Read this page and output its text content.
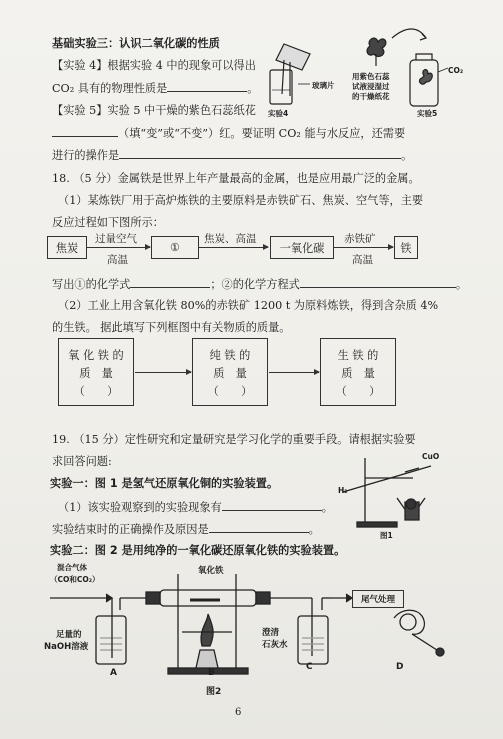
基础实验三：认识二氧化碳的性质
【实验 4】根据实验 4 中的现象可以得出
CO₂ 具有的物理性质是	。
【实验 5】实验 5 中干燥的紫色石蕊纸花
（填“变”或“不变”）红。要证明 CO₂ 能与水反应，还需要
进行的操作是	。
玻璃片
实验4
CO₂
用紫色石蕊
试液浸湿过
的干燥纸花
实验5
18. （5 分）金属铁是世界上年产量最高的金属，也是应用最广泛的金属。
（1）某炼铁厂用于高炉炼铁的主要原料是赤铁矿石、焦炭、空气等，主要
反应过程如下图所示：
焦炭
过量空气
高温
①
焦炭、高温
一氧化碳
赤铁矿
高温
铁
写出①的化学式	；②的化学方程式	。
（2）工业上用含氧化铁 80%的赤铁矿 1200 t 为原料炼铁，得到含杂质 4%
的生铁。 据此填写下列框图中有关物质的质量。
氧 化 铁 的
质　量
（　　）
纯 铁 的
质　量
（　　）
生 铁 的
质　量
（　　）
19. （15 分）定性研究和定量研究是学习化学的重要手段。请根据实验要
求回答问题:
实验一：图 1 是氢气还原氧化铜的实验装置。
（1）该实验观察到的实验现象有	。
实验结束时的正确操作及原因是	。
实验二：图 2 是用纯净的一氧化碳还原氧化铁的实验装置。
CuO
H₂
图1
混合气体
（CO和CO₂）
氧化铁
尾气处理
足量的
NaOH溶液
澄清
石灰水
A	B
C	D
图2
6
